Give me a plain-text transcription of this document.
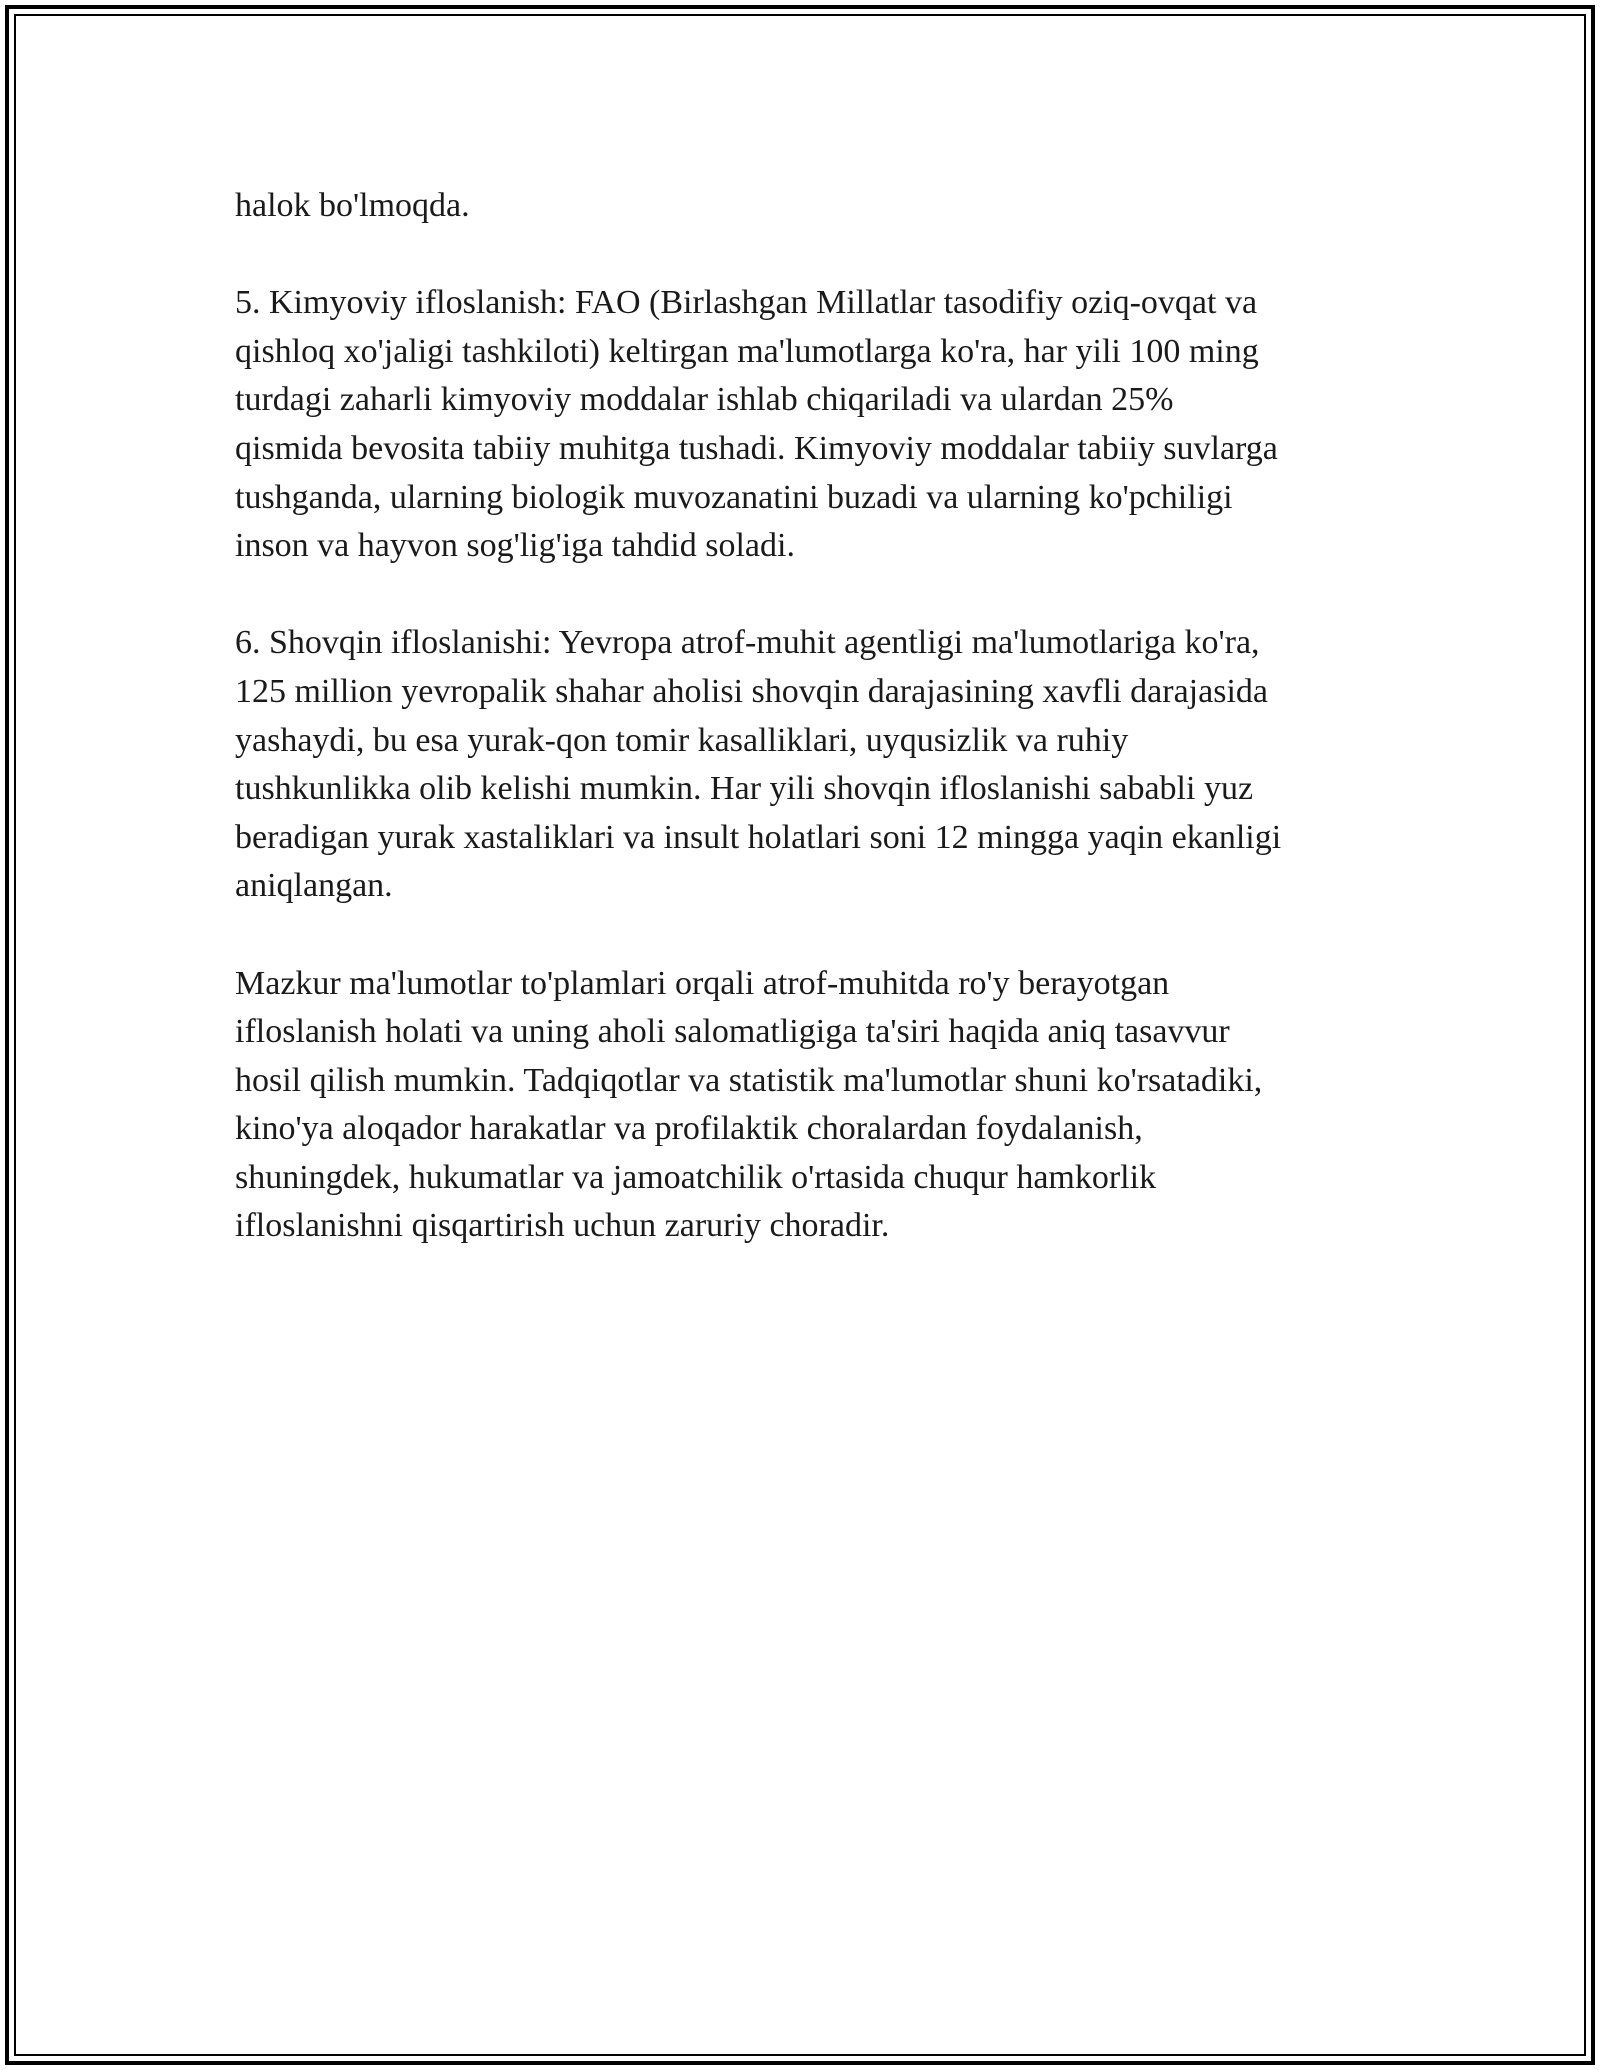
halok bo'lmoqda.

5. Kimyoviy ifloslanish: FAO (Birlashgan Millatlar tasodifiy oziq-ovqat va
qishloq xo'jaligi tashkiloti) keltirgan ma'lumotlarga ko'ra, har yili 100 ming
turdagi zaharli kimyoviy moddalar ishlab chiqariladi va ulardan 25%
qismida bevosita tabiiy muhitga tushadi. Kimyoviy moddalar tabiiy suvlarga
tushganda, ularning biologik muvozanatini buzadi va ularning ko'pchiligi
inson va hayvon sog'lig'iga tahdid soladi.

6. Shovqin ifloslanishi: Yevropa atrof-muhit agentligi ma'lumotlariga ko'ra,
125 million yevropalik shahar aholisi shovqin darajasining xavfli darajasida
yashaydi, bu esa yurak-qon tomir kasalliklari, uyqusizlik va ruhiy
tushkunlikka olib kelishi mumkin. Har yili shovqin ifloslanishi sababli yuz
beradigan yurak xastaliklari va insult holatlari soni 12 mingga yaqin ekanligi
aniqlangan.

Mazkur ma'lumotlar to'plamlari orqali atrof-muhitda ro'y berayotgan
ifloslanish holati va uning aholi salomatligiga ta'siri haqida aniq tasavvur
hosil qilish mumkin. Tadqiqotlar va statistik ma'lumotlar shuni ko'rsatadiki,
kino'ya aloqador harakatlar va profilaktik choralardan foydalanish,
shuningdek, hukumatlar va jamoatchilik o'rtasida chuqur hamkorlik
ifloslanishni qisqartirish uchun zaruriy choradir.
